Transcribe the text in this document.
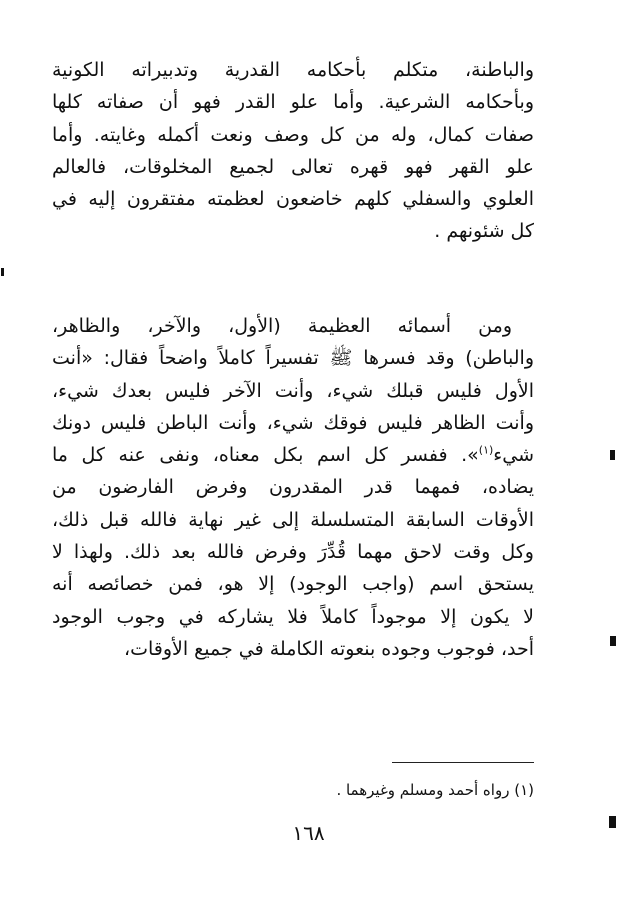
والباطنة، متكلم بأحكامه القدرية وتدبيراته الكونية
وبأحكامه الشرعية. وأما علو القدر فهو أن صفاته كلها
صفات كمال، وله من كل وصف ونعت أكمله وغايته. وأما
علو القهر فهو قهره تعالى لجميع المخلوقات، فالعالم
العلوي والسفلي كلهم خاضعون لعظمته مفتقرون إليه في
كل شئونهم .
ومن أسمائه العظيمة (الأول، والآخر، والظاهر،
والباطن) وقد فسرها ﷺ تفسيراً كاملاً واضحاً فقال: «أنت
الأول فليس قبلك شيء، وأنت الآخر فليس بعدك شيء،
وأنت الظاهر فليس فوقك شيء، وأنت الباطن فليس دونك
شيء$^{(١)}$». ففسر كل اسم بكل معناه، ونفى عنه كل ما
يضاده، فمهما قدر المقدرون وفرض الفارضون من
الأوقات السابقة المتسلسلة إلى غير نهاية فالله قبل ذلك،
وكل وقت لاحق مهما قُدِّرَ وفرض فالله بعد ذلك. ولهذا لا
يستحق اسم (واجب الوجود) إلا هو، فمن خصائصه أنه
لا يكون إلا موجوداً كاملاً فلا يشاركه في وجوب الوجود
أحد، فوجوب وجوده بنعوته الكاملة في جميع الأوقات،
(١) رواه أحمد ومسلم وغيرهما .
١٦٨
